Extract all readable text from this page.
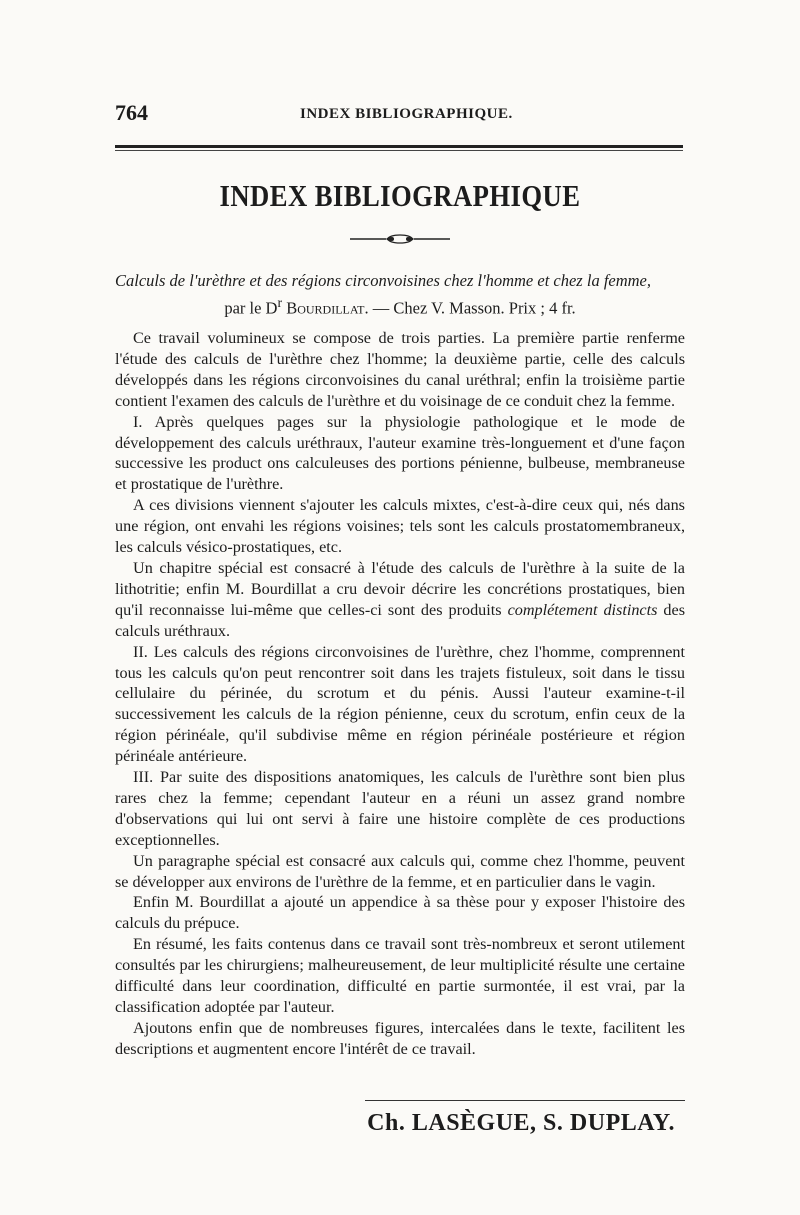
764	INDEX BIBLIOGRAPHIQUE.
INDEX BIBLIOGRAPHIQUE
Calculs de l'urèthre et des régions circonvoisines chez l'homme et chez la femme,
par le $D^r$ Bourdillat. — Chez V. Masson. Prix ; 4 fr.

Ce travail volumineux se compose de trois parties. La première partie renferme l'étude des calculs de l'urèthre chez l'homme; la deuxième partie, celle des calculs développés dans les régions circonvoisines du canal uréthral; enfin la troisième partie contient l'examen des calculs de l'urèthre et du voisinage de ce conduit chez la femme.

I. Après quelques pages sur la physiologie pathologique et le mode de développement des calculs uréthraux, l'auteur examine très-longuement et d'une façon successive les product ons calculeuses des portions pénienne, bulbeuse, membraneuse et prostatique de l'urèthre.

A ces divisions viennent s'ajouter les calculs mixtes, c'est-à-dire ceux qui, nés dans une région, ont envahi les régions voisines; tels sont les calculs prostatomembraneux, les calculs vésico-prostatiques, etc.

Un chapitre spécial est consacré à l'étude des calculs de l'urèthre à la suite de la lithotritie; enfin M. Bourdillat a cru devoir décrire les concrétions prostatiques, bien qu'il reconnaisse lui-même que celles-ci sont des produits complétement distincts des calculs uréthraux.

II. Les calculs des régions circonvoisines de l'urèthre, chez l'homme, comprennent tous les calculs qu'on peut rencontrer soit dans les trajets fistuleux, soit dans le tissu cellulaire du périnée, du scrotum et du pénis. Aussi l'auteur examine-t-il successivement les calculs de la région pénienne, ceux du scrotum, enfin ceux de la région périnéale, qu'il subdivise même en région périnéale postérieure et région périnéale antérieure.

III. Par suite des dispositions anatomiques, les calculs de l'urèthre sont bien plus rares chez la femme; cependant l'auteur en a réuni un assez grand nombre d'observations qui lui ont servi à faire une histoire complète de ces productions exceptionnelles.

Un paragraphe spécial est consacré aux calculs qui, comme chez l'homme, peuvent se développer aux environs de l'urèthre de la femme, et en particulier dans le vagin.

Enfin M. Bourdillat a ajouté un appendice à sa thèse pour y exposer l'histoire des calculs du prépuce.

En résumé, les faits contenus dans ce travail sont très-nombreux et seront utilement consultés par les chirurgiens; malheureusement, de leur multiplicité résulte une certaine difficulté dans leur coordination, difficulté en partie surmontée, il est vrai, par la classification adoptée par l'auteur.

Ajoutons enfin que de nombreuses figures, intercalées dans le texte, facilitent les descriptions et augmentent encore l'intérêt de ce travail.

Ch. LASÈGUE, S. DUPLAY.
